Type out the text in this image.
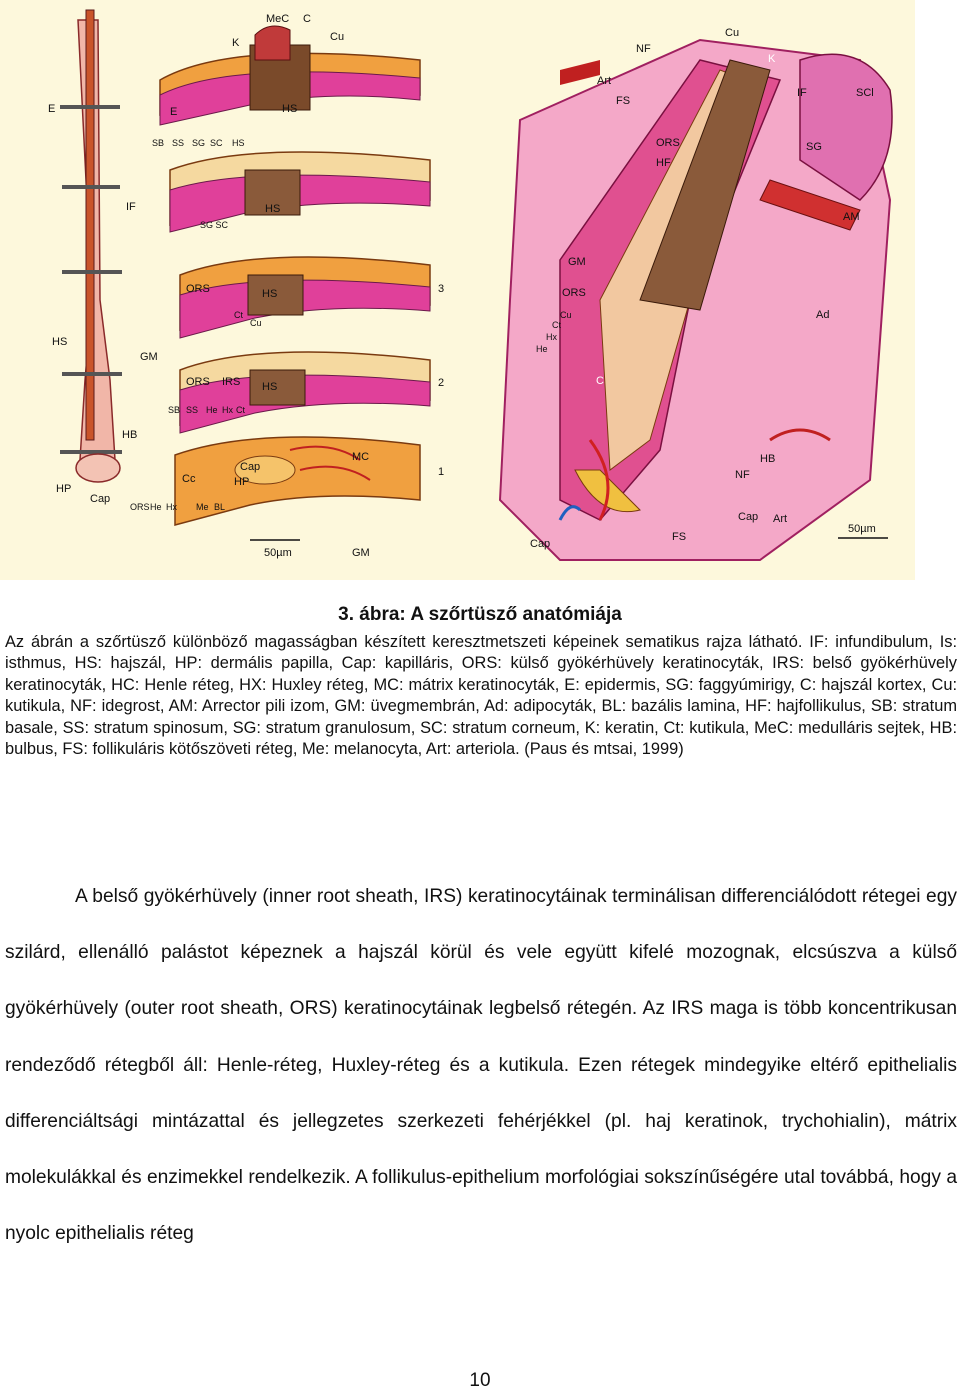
MeC C
K	Cu
E	E	HS
SB SS SG SC HS
IF
SG SC
HS
ORS	HS
Ct
Cu
HS
GM
ORS IRS HS
SB SS He Hx Ct
HB
Cap
HP
Cc
MC
HP
Cap
ORS He Hx Me BL
50µm	GM
1
2
3
Cu
K
IF
NF
Art
FS
ORS
HF
SG
SCl
AM
Ad
GM
ORS
Cu
Ct
Hx
He
C
HB
NF
Cap Art
FS
Cap
50µm
3. ábra: A szőrtüsző anatómiája
Az ábrán a szőrtüsző különböző magasságban készített keresztmetszeti képeinek sematikus rajza látható. IF: infundibulum, Is: isthmus, HS: hajszál, HP: dermális papilla, Cap: kapilláris, ORS: külső gyökérhüvely keratinocyták, IRS: belső gyökérhüvely keratinocyták, HC: Henle réteg, HX: Huxley réteg, MC: mátrix keratinocyták, E: epidermis, SG: faggyúmirigy, C: hajszál kortex, Cu: kutikula, NF: idegrost, AM: Arrector pili izom, GM: üvegmembrán, Ad: adipocyták, BL: bazális lamina, HF: hajfollikulus, SB: stratum basale, SS: stratum spinosum, SG: stratum granulosum, SC: stratum corneum, K: keratin, Ct: kutikula, MeC: medulláris sejtek, HB: bulbus, FS: follikuláris kötőszöveti réteg, Me: melanocyta, Art: arteriola. (Paus és mtsai, 1999)

A belső gyökérhüvely (inner root sheath, IRS) keratinocytáinak terminálisan differenciálódott rétegei egy szilárd, ellenálló palástot képeznek a hajszál körül és vele együtt kifelé mozognak, elcsúszva a külső gyökérhüvely (outer root sheath, ORS) keratinocytáinak legbelső rétegén. Az IRS maga is több koncentrikusan rendeződő rétegből áll: Henle-réteg, Huxley-réteg és a kutikula. Ezen rétegek mindegyike eltérő epithelialis differenciáltsági mintázattal és jellegzetes szerkezeti fehérjékkel (pl. haj keratinok, trychohialin), mátrix molekulákkal és enzimekkel rendelkezik. A follikulus-epithelium morfológiai sokszínűségére utal továbbá, hogy a nyolc epithelialis réteg

10
